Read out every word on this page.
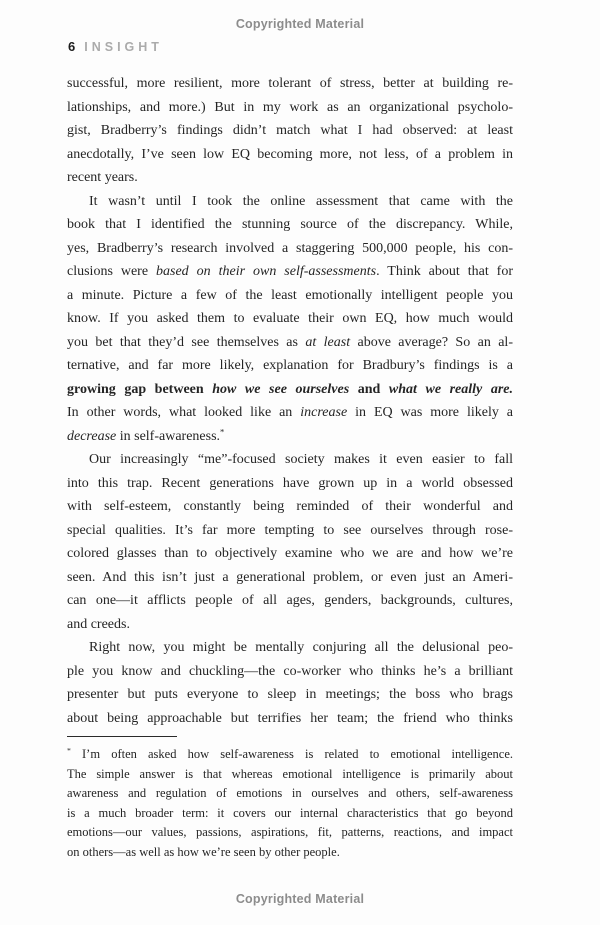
Copyrighted Material
6 INSIGHT
successful, more resilient, more tolerant of stress, better at building re-
lationships, and more.) But in my work as an organizational psycholo-
gist, Bradberry’s findings didn’t match what I had observed: at least
anecdotally, I’ve seen low EQ becoming more, not less, of a problem in
recent years.
It wasn’t until I took the online assessment that came with the
book that I identified the stunning source of the discrepancy. While,
yes, Bradberry’s research involved a staggering 500,000 people, his con-
clusions were based on their own self-assessments. Think about that for
a minute. Picture a few of the least emotionally intelligent people you
know. If you asked them to evaluate their own EQ, how much would
you bet that they’d see themselves as at least above average? So an al-
ternative, and far more likely, explanation for Bradbury’s findings is a
growing gap between how we see ourselves and what we really are.
In other words, what looked like an increase in EQ was more likely a
decrease in self-awareness.*
Our increasingly “me”-focused society makes it even easier to fall
into this trap. Recent generations have grown up in a world obsessed
with self-esteem, constantly being reminded of their wonderful and
special qualities. It’s far more tempting to see ourselves through rose-
colored glasses than to objectively examine who we are and how we’re
seen. And this isn’t just a generational problem, or even just an Ameri-
can one—it afflicts people of all ages, genders, backgrounds, cultures,
and creeds.
Right now, you might be mentally conjuring all the delusional peo-
ple you know and chuckling—the co-worker who thinks he’s a brilliant
presenter but puts everyone to sleep in meetings; the boss who brags
about being approachable but terrifies her team; the friend who thinks
* I’m often asked how self-awareness is related to emotional intelligence.
The simple answer is that whereas emotional intelligence is primarily about
awareness and regulation of emotions in ourselves and others, self-awareness
is a much broader term: it covers our internal characteristics that go beyond
emotions—our values, passions, aspirations, fit, patterns, reactions, and impact
on others—as well as how we’re seen by other people.
Copyrighted Material
